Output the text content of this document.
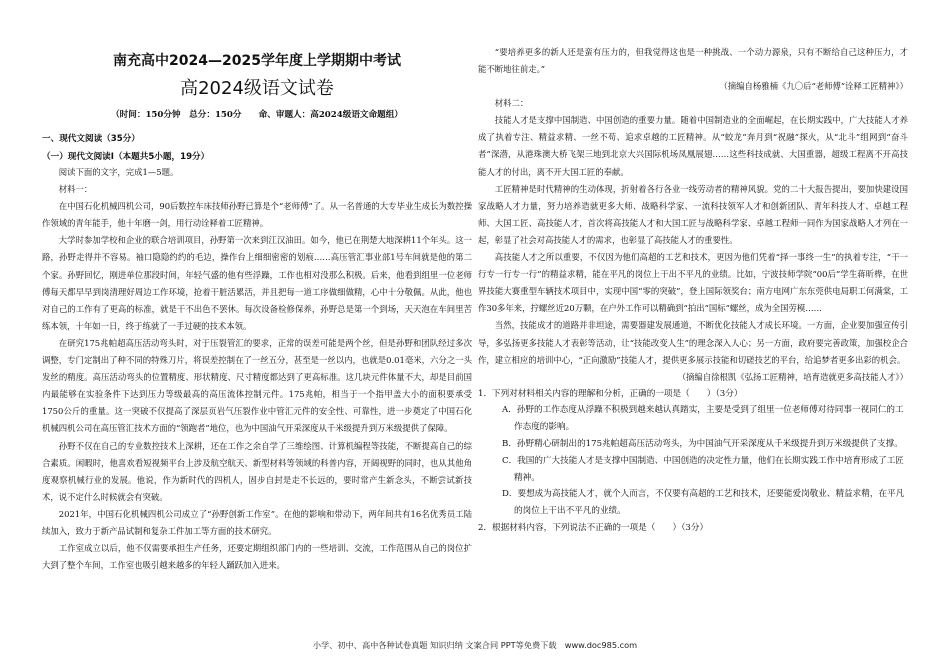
南充高中2024—2025学年度上学期期中考试
高2024级语文试卷
（时间：150分钟　总分：150分　　命、审题人：高2024级语文命题组）
一、现代文阅读（35分）
（一）现代文阅读Ⅰ（本题共5小题，19分）

阅读下面的文字，完成1—5题。

材料一：

在中国石化机械四机公司，90后数控车床技师孙野已算是个“老师傅”了。从一名普通的大专毕业生成长为数控操作领域的青年能手，他十年磨一剑，用行动诠释着工匠精神。

大学时参加学校和企业的联合培训项目，孙野第一次来到江汉油田。如今，他已在荆楚大地深耕11个年头。这一路，孙野走得并不容易。袖口隐隐约约的毛边，操作台上细细密密的划痕……高压管汇事业部1号车间就是他的第二个家。孙野回忆，刚进单位那段时间，年轻气盛的他有些浮躁，工作也相对没那么积极。后来，他看到组里一位老师傅每天都早早到岗清理好周边工作环境，抢着干脏活累活，并且把每一道工序做细做精，心中十分敬佩。从此，他也对自己的工作有了更高的标准，就是干不出色不罢休。每次设备检修保养，孙野总是第一个到场，天天泡在车间里苦练本领，十年如一日，终于练就了一手过硬的技术本领。

在研究175兆帕超高压活动弯头时，对于压裂管汇的要求，正常的误差可能是两个丝，但是孙野和团队经过多次调整，专门定制出了种不同的特殊刀片，将误差控制在了一丝五分，甚至是一丝以内，也就是0.01毫米，六分之一头发丝的精度。高压活动弯头的位置精度、形状精度、尺寸精度都达到了更高标准。这几块元件体量不大，却是目前国内最能够在实验条件下达到压力等级最高的高压流体控制元件。175兆帕，相当于一个指甲盖大小的面积要承受1750公斤的重量。这一突破不仅提高了深层页岩气压裂作业中管汇元件的安全性、可靠性，进一步奠定了中国石化机械四机公司在高压管汇技术方面的“领跑者”地位，也为中国油气开采深度从千米级提升到万米级提供了保障。

孙野不仅在自己的专业数控技术上深耕，还在工作之余自学了三维绘图、计算机编程等技能，不断提高自己的综合素质。闲暇时，他喜欢看短视频平台上涉及航空航天、新型材料等领域的科普内容，开阔视野的同时，也从其他角度观察机械行业的发展。他说，作为新时代的四机人，固步自封是走不长远的，要时常产生新念头，不断尝试新技术，说不定什么时候就会有突破。

2021年，中国石化机械四机公司成立了“孙野创新工作室”。在他的影响和带动下，两年间共有16名优秀员工陆续加入，致力于新产品试制和复杂工件加工等方面的技术研究。

工作室成立以后，他不仅需要承担生产任务，还要定期组织部门内的一些培训、交流，工作范围从自己的岗位扩大到了整个车间，工作室也吸引越来越多的年轻人踊跃加入进来。

“要培养更多的新人还是蛮有压力的，但我觉得这也是一种挑战、一个动力源泉，只有不断给自己这种压力，才能不断地往前走。”

（摘编自杨雅楠《九〇后“老师傅”诠释工匠精神》）

材料二：

技能人才是支撑中国制造、中国创造的重要力量。随着中国制造业的全面崛起，在长期实践中，广大技能人才养成了执着专注、精益求精、一丝不苟、追求卓越的工匠精神。从“蛟龙”奔月到“祝融”探火，从“北斗”组网到“奋斗者”深潜，从港珠澳大桥飞架三地到北京大兴国际机场凤凰展翅……这些科技成就、大国重器，超级工程离不开高技能人才的付出，离不开大国工匠的奉献。

工匠精神是时代精神的生动体现，折射着各行各业一线劳动者的精神风貌。党的二十大报告提出，要加快建设国家战略人才力量，努力培养造就更多大师、战略科学家、一流科技领军人才和创新团队、青年科技人才、卓越工程师、大国工匠、高技能人才，首次将高技能人才和大国工匠与战略科学家、卓越工程师一同作为国家战略人才列在一起，彰显了社会对高技能人才的需求，也彰显了高技能人才的重要性。

高技能人才之所以重要，不仅因为他们高超的工艺和技术，更因为他们凭着“择一事终一生”的执着专注，“干一行专一行专一行”的精益求精，能在平凡的岗位上干出不平凡的业绩。比如，宁波技师学院“00后”学生蒋昕桦，在世界技能大赛重型车辆技术项目中，实现中国“零的突破”，登上国际领奖台；南方电网广东东莞供电局职工何满棠，工作30多年来，拧螺丝近20万颗，在户外工作可以精确到“拍出”国标”螺丝，成为全国劳模……

当然，技能成才的道路并非坦途，需要器建发展通道，不断优化技能人才成长环境。一方面，企业要加强宣传引导，多弘扬更多技能人才表彰等活动，让“技能改变人生”的理念深入人心；另一方面，政府要完善政策，加强校企合作，建立相应的培训中心，“正向激励”技能人才，提供更多展示技能和切磋技艺的平台，给追梦者更多出彩的机会。

（摘编自徐根凯《弘扬工匠精神，培育造就更多高技能人才》）

1．下列对材料相关内容的理解和分析，正确的一项是（　　）（3分）

A．孙野的工作态度从浮躁不积极到越来越认真踏实，主要是受到了组里一位老师傅对待同事一视同仁的工作态度的影响。

B．孙野精心研制出的175兆帕超高压活动弯头，为中国油气开采深度从千米级提升到万米级提供了支撑。

C．我国的广大技能人才是支撑中国制造、中国创造的决定性力量，他们在长期实践工作中培育形成了工匠精神。

D．要想成为高技能人才，就个人而言，不仅要有高超的工艺和技术，还要能爱岗敬业、精益求精，在平凡的岗位上干出不平凡的业绩。

2．根据材料内容，下列说法不正确的一项是（　　）（3分）

小学、初中、高中各种试卷真题 知识归纳 文案合同 PPT等免费下载　www.doc985.com
